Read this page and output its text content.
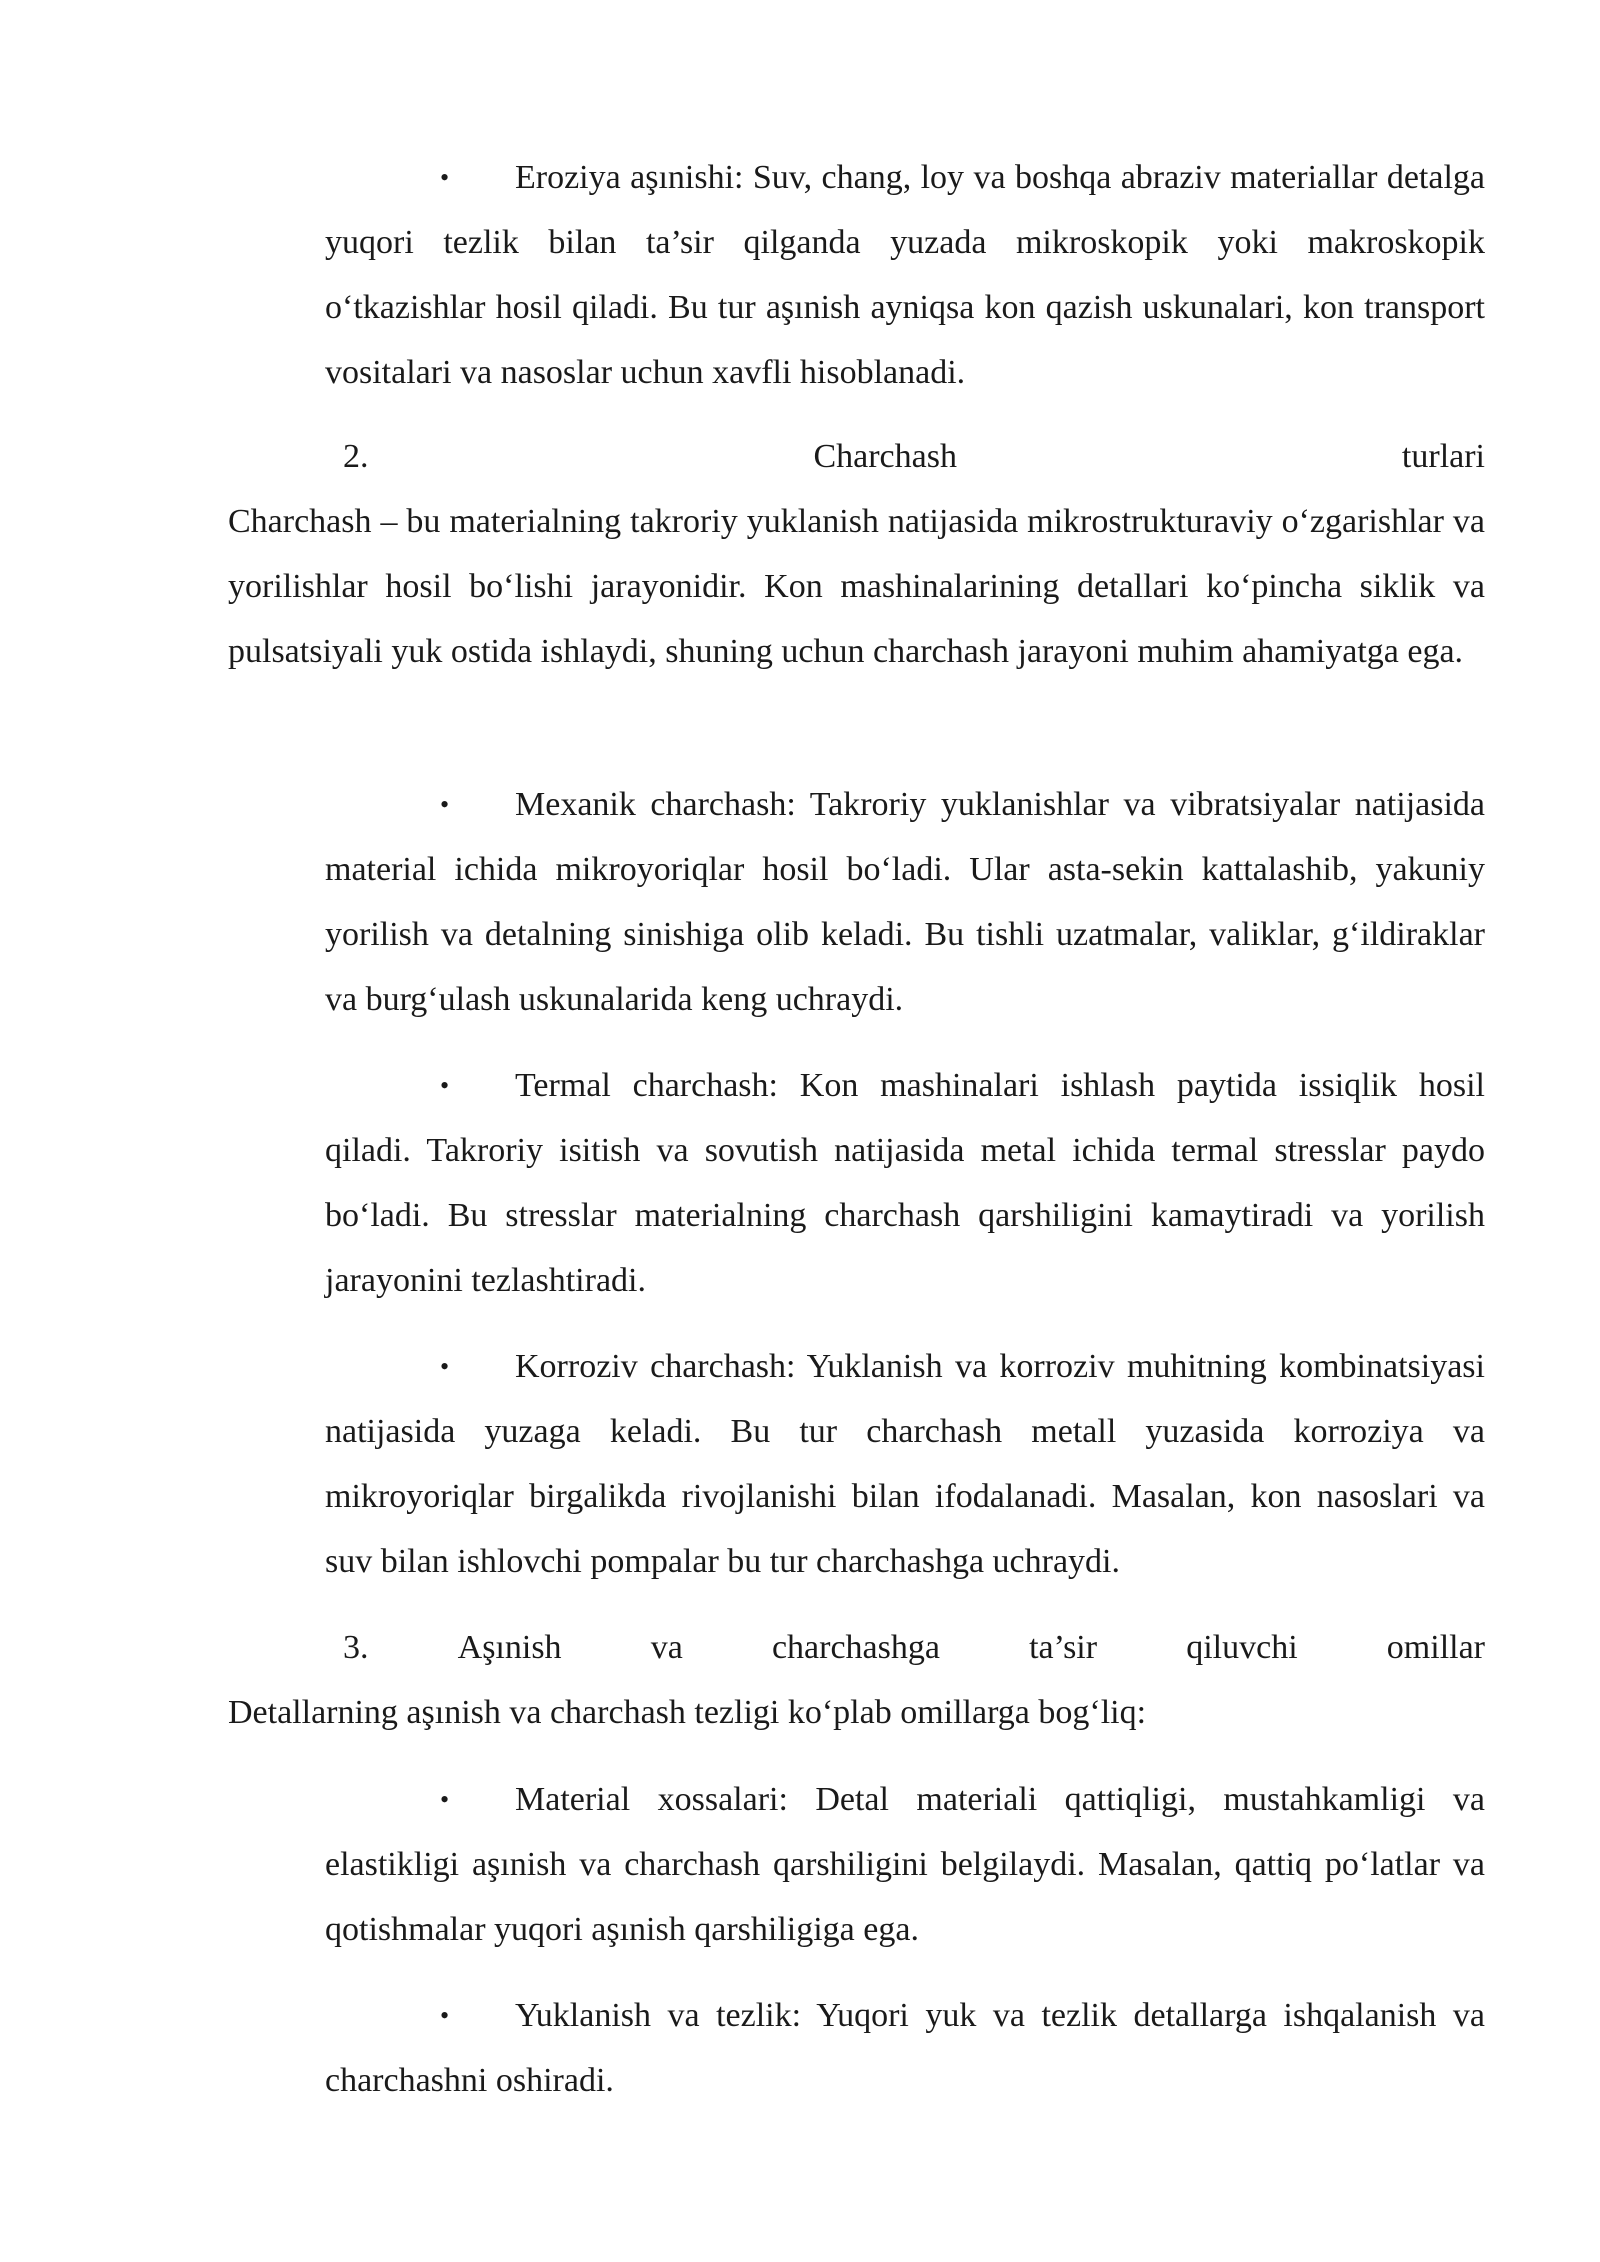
• Eroziya aşınishi: Suv, chang, loy va boshqa abraziv materiallar detalga yuqori tezlik bilan ta’sir qilganda yuzada mikroskopik yoki makroskopik o‘tkazishlar hosil qiladi. Bu tur aşınish ayniqsa kon qazish uskunalari, kon transport vositalari va nasoslar uchun xavfli hisoblanadi.
2.	Charchash	turlari

Charchash – bu materialning takroriy yuklanish natijasida mikrostrukturaviy o‘zgarishlar va yorilishlar hosil bo‘lishi jarayonidir. Kon mashinalarining detallari ko‘pincha siklik va pulsatsiyali yuk ostida ishlaydi, shuning uchun charchash jarayoni muhim ahamiyatga ega.

• Mexanik charchash: Takroriy yuklanishlar va vibratsiyalar natijasida material ichida mikroyoriqlar hosil bo‘ladi. Ular asta-sekin kattalashib, yakuniy yorilish va detalning sinishiga olib keladi. Bu tishli uzatmalar, valiklar, g‘ildiraklar va burg‘ulash uskunalarida keng uchraydi.
• Termal charchash: Kon mashinalari ishlash paytida issiqlik hosil qiladi. Takroriy isitish va sovutish natijasida metal ichida termal stresslar paydo bo‘ladi. Bu stresslar materialning charchash qarshiligini kamaytiradi va yorilish jarayonini tezlashtiradi.
• Korroziv charchash: Yuklanish va korroziv muhitning kombinatsiyasi natijasida yuzaga keladi. Bu tur charchash metall yuzasida korroziya va mikroyoriqlar birgalikda rivojlanishi bilan ifodalanadi. Masalan, kon nasoslari va suv bilan ishlovchi pompalar bu tur charchashga uchraydi.
3.	Aşınish	va	charchashga	ta’sir	qiluvchi	omillar

Detallarning aşınish va charchash tezligi ko‘plab omillarga bog‘liq:

• Material xossalari: Detal materiali qattiqligi, mustahkamligi va elastikligi aşınish va charchash qarshiligini belgilaydi. Masalan, qattiq po‘latlar va qotishmalar yuqori aşınish qarshiligiga ega.
• Yuklanish va tezlik: Yuqori yuk va tezlik detallarga ishqalanish va charchashni oshiradi.
